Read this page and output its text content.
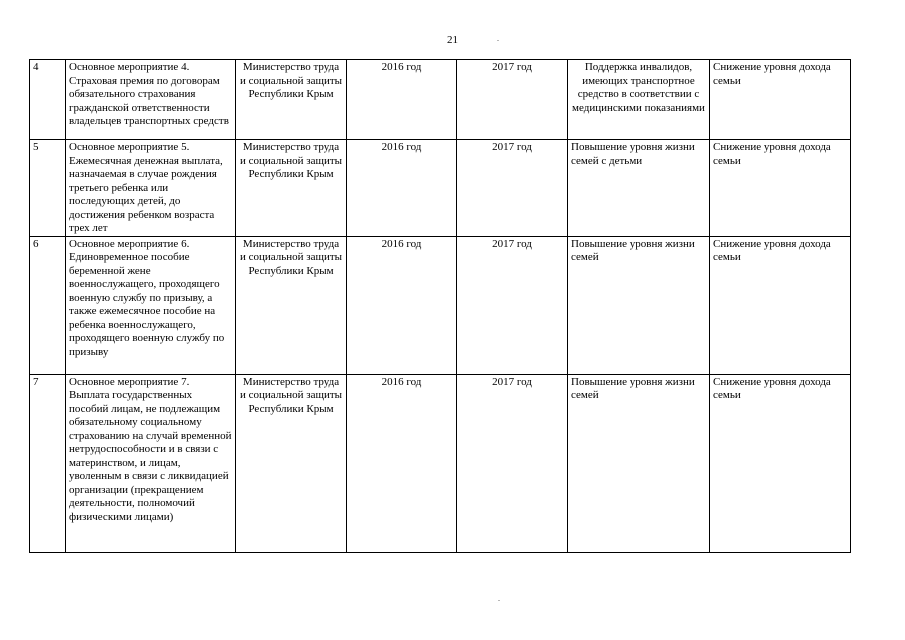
21
4	Основное мероприятие 4. Страховая премия по договорам обязательного страхования гражданской ответственности владельцев транспортных средств	Министерство труда и социальной защиты Республики Крым	2016 год	2017 год	Поддержка инвалидов, имеющих транспортное средство в соответствии с медицинскими показаниями	Снижение уровня дохода семьи
5	Основное мероприятие 5. Ежемесячная денежная выплата, назначаемая в случае рождения третьего ребенка или последующих детей, до достижения ребенком возраста трех лет	Министерство труда и социальной защиты Республики Крым	2016 год	2017 год	Повышение уровня жизни семей с детьми	Снижение уровня дохода семьи
6	Основное мероприятие 6. Единовременное пособие беременной жене военнослужащего, проходящего военную службу по призыву, а также ежемесячное пособие на ребенка военнослужащего, проходящего военную службу по призыву	Министерство труда и социальной защиты Республики Крым	2016 год	2017 год	Повышение уровня жизни семей	Снижение уровня дохода семьи
7	Основное мероприятие 7. Выплата государственных пособий лицам, не подлежащим обязательному социальному страхованию на случай временной нетрудоспособности и в связи с материнством, и лицам, уволенным в связи с ликвидацией организации (прекращением деятельности, полномочий физическими лицами)	Министерство труда и социальной защиты Республики Крым	2016 год	2017 год	Повышение уровня жизни семей	Снижение уровня дохода семьи
